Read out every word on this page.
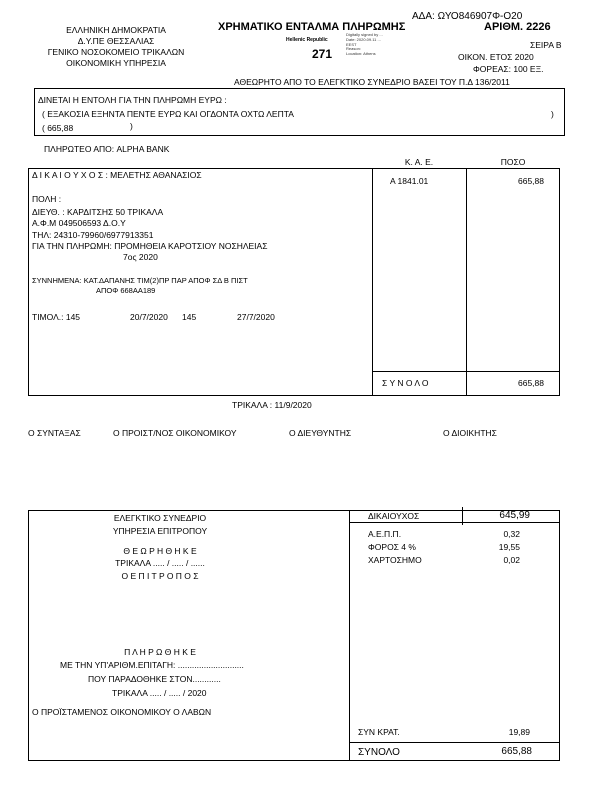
ΑΔΑ: ΩΥΟ846907Φ-Ο20
ΕΛΛΗΝΙΚΗ ΔΗΜΟΚΡΑΤΙΑ
Δ.Υ.ΠΕ ΘΕΣΣΑΛΙΑΣ
ΓΕΝΙΚΟ ΝΟΣΟΚΟΜΕΙΟ ΤΡΙΚΑΛΩΝ
ΟΙΚΟΝΟΜΙΚΗ ΥΠΗΡΕΣΙΑ
ΧΡΗΜΑΤΙΚΟ ΕΝΤΑΛΜΑ ΠΛΗΡΩΜΗΣ	ΑΡΙΘΜ. 2226
Hellenic Republic
271
Digitally signed by ...
Date: 2020.09.11 ...
EEST
Reason:
Location: Athens
ΣΕΙΡΑ Β
ΟΙΚΟΝ. ΕΤΟΣ 2020
ΦΟΡΕΑΣ: 100 ΕΞ.
ΑΘΕΩΡΗΤΟ ΑΠΟ ΤΟ ΕΛΕΓΚΤΙΚΟ ΣΥΝΕΔΡΙΟ ΒΑΣΕΙ ΤΟΥ Π.Δ 136/2011
ΔΙΝΕΤΑΙ Η ΕΝΤΟΛΗ ΓΙΑ ΤΗΝ ΠΛΗΡΩΜΗ ΕΥΡΩ :
( ΕΞΑΚΟΣΙΑ ΕΞΗΝΤΑ ΠΕΝΤΕ ΕΥΡΩ ΚΑΙ ΟΓΔΟΝΤΑ ΟΧΤΩ ΛΕΠΤΑ	)
( 665,88	)
ΠΛΗΡΩΤΕΟ ΑΠΟ: ALPHA BANK
Κ. Α. Ε.	ΠΟΣΟ
Δ Ι Κ Α Ι Ο Υ Χ Ο Σ : ΜΕΛΕΤΗΣ ΑΘΑΝΑΣΙΟΣ
ΠΟΛΗ :
ΔΙΕΥΘ. : ΚΑΡΔΙΤΣΗΣ 50 ΤΡΙΚΑΛΑ
Α.Φ.Μ 049506593 Δ.Ο.Υ
ΤΗΛ: 24310-79960/6977913351
ΓΙΑ ΤΗΝ ΠΛΗΡΩΜΗ: ΠΡΟΜΗΘΕΙΑ ΚΑΡΟΤΣΙΟΥ ΝΟΣΗΛΕΙΑΣ
7ος 2020
ΣΥΝΝΗΜΕΝΑ: ΚΑΤ.ΔΑΠΑΝΗΣ ΤΙΜ(2)ΠΡ ΠΑΡ ΑΠΟΦ ΣΔ Β ΠΙΣΤ
ΑΠΟΦ 668ΑΑ189
ΤΙΜΟΛ.: 145	20/7/2020 145	27/7/2020
Α 1841.01	665,88
Σ Υ Ν Ο Λ Ο	665,88
ΤΡΙΚΑΛΑ : 11/9/2020
Ο ΣΥΝΤΑΞΑΣ	Ο ΠΡΟΙΣΤ/ΝΟΣ ΟΙΚΟΝΟΜΙΚΟΥ	Ο ΔΙΕΥΘΥΝΤΗΣ	Ο ΔΙΟΙΚΗΤΗΣ
ΕΛΕΓΚΤΙΚΟ ΣΥΝΕΔΡΙΟ
ΥΠΗΡΕΣΙΑ ΕΠΙΤΡΟΠΟΥ
Θ Ε Ω Ρ Η Θ Η Κ Ε
ΤΡΙΚΑΛΑ ..... / ..... / ......
Ο Ε Π Ι Τ Ρ Ο Π Ο Σ
Π Λ Η Ρ Ω Θ Η Κ Ε
ΜΕ ΤΗΝ ΥΠ'ΑΡΙΘΜ.ΕΠΙΤΑΓΗ: ............................
ΠΟΥ ΠΑΡΑΔΟΘΗΚΕ ΣΤΟΝ............
ΤΡΙΚΑΛΑ ..... / ..... / 2020
Ο ΠΡΟΪΣΤΑΜΕΝΟΣ ΟΙΚΟΝΟΜΙΚΟΥ Ο ΛΑΒΩΝ
ΔΙΚΑΙΟΥΧΟΣ	645,99
Α.Ε.Π.Π.	0,32
ΦΟΡΟΣ 4 %	19,55
ΧΑΡΤΟΣΗΜΟ	0,02
ΣΥΝ ΚΡΑΤ.	19,89
ΣΥΝΟΛΟ	665,88
